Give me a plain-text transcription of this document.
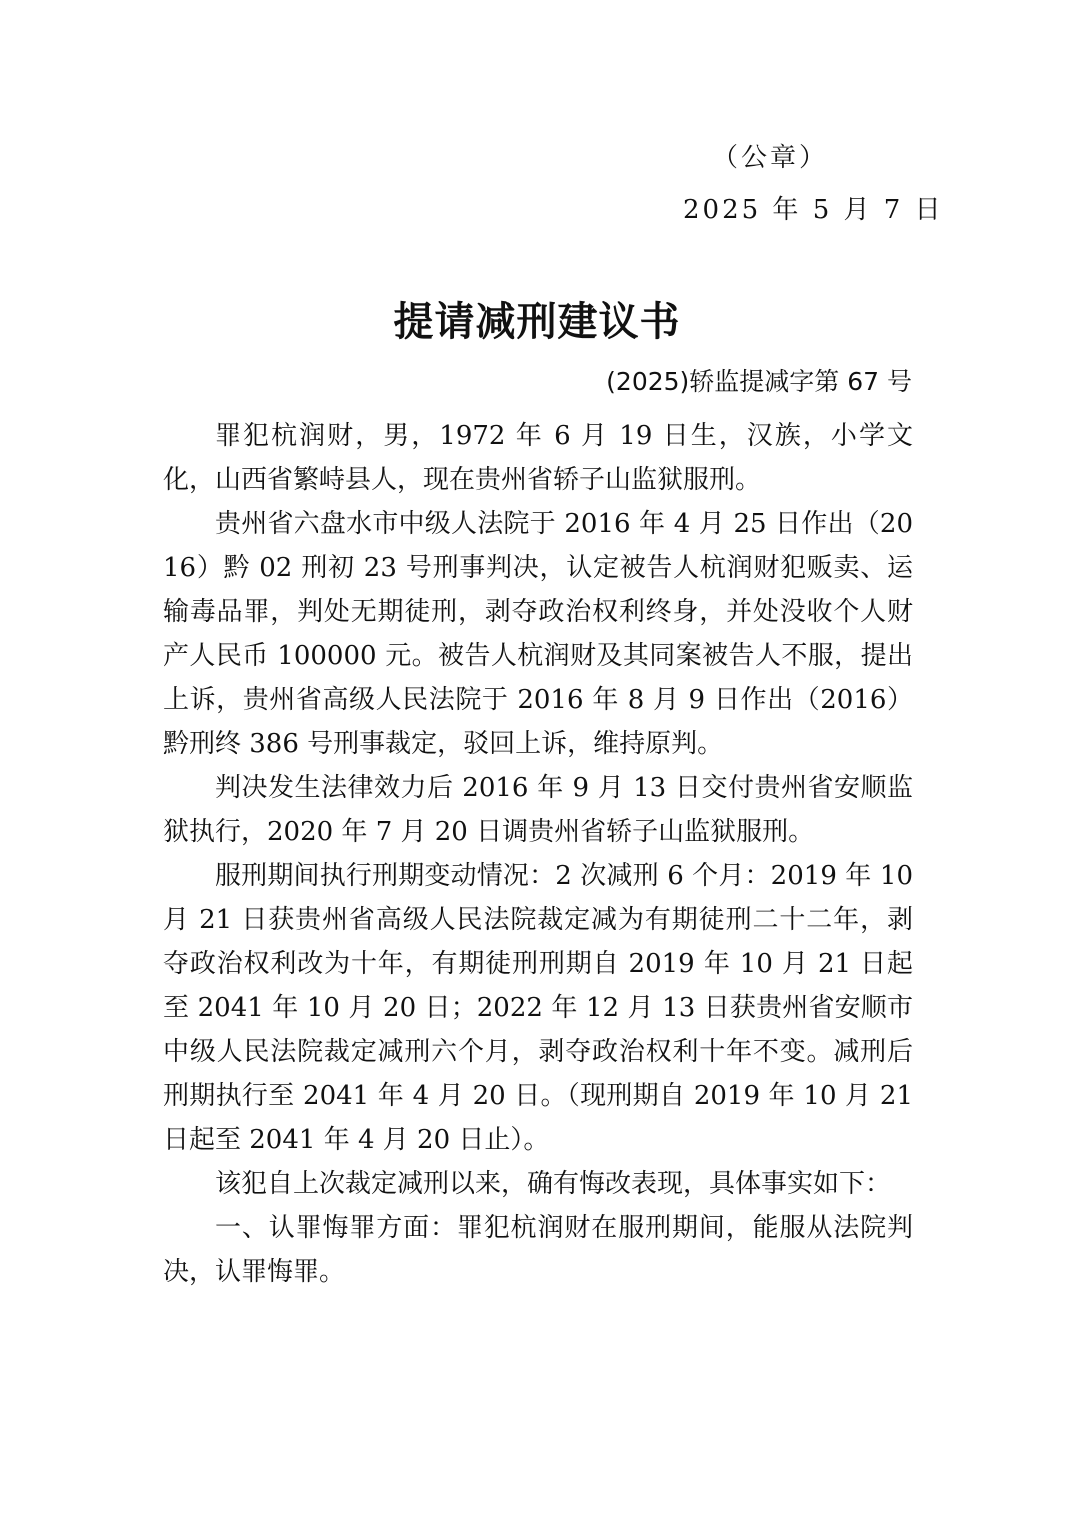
（公章）
2025 年 5 月 7 日
提请减刑建议书
(2025)轿监提减字第 67 号

罪犯杭润财，男，1972 年 6 月 19 日生，汉族，小学文化，山西省繁峙县人，现在贵州省轿子山监狱服刑。

贵州省六盘水市中级人法院于 2016 年 4 月 25 日作出（2016）黔 02 刑初 23 号刑事判决，认定被告人杭润财犯贩卖、运输毒品罪，判处无期徒刑，剥夺政治权利终身，并处没收个人财产人民币 100000 元。被告人杭润财及其同案被告人不服，提出上诉，贵州省高级人民法院于 2016 年 8 月 9 日作出（2016）黔刑终 386 号刑事裁定，驳回上诉，维持原判。

判决发生法律效力后 2016 年 9 月 13 日交付贵州省安顺监狱执行，2020 年 7 月 20 日调贵州省轿子山监狱服刑。

服刑期间执行刑期变动情况：2 次减刑 6 个月：2019 年 10 月 21 日获贵州省高级人民法院裁定减为有期徒刑二十二年，剥夺政治权利改为十年，有期徒刑刑期自 2019 年 10 月 21 日起至 2041 年 10 月 20 日；2022 年 12 月 13 日获贵州省安顺市中级人民法院裁定减刑六个月，剥夺政治权利十年不变。减刑后刑期执行至 2041 年 4 月 20 日。（现刑期自 2019 年 10 月 21 日起至 2041 年 4 月 20 日止）。

该犯自上次裁定减刑以来，确有悔改表现，具体事实如下：

一、认罪悔罪方面：罪犯杭润财在服刑期间，能服从法院判决，认罪悔罪。
